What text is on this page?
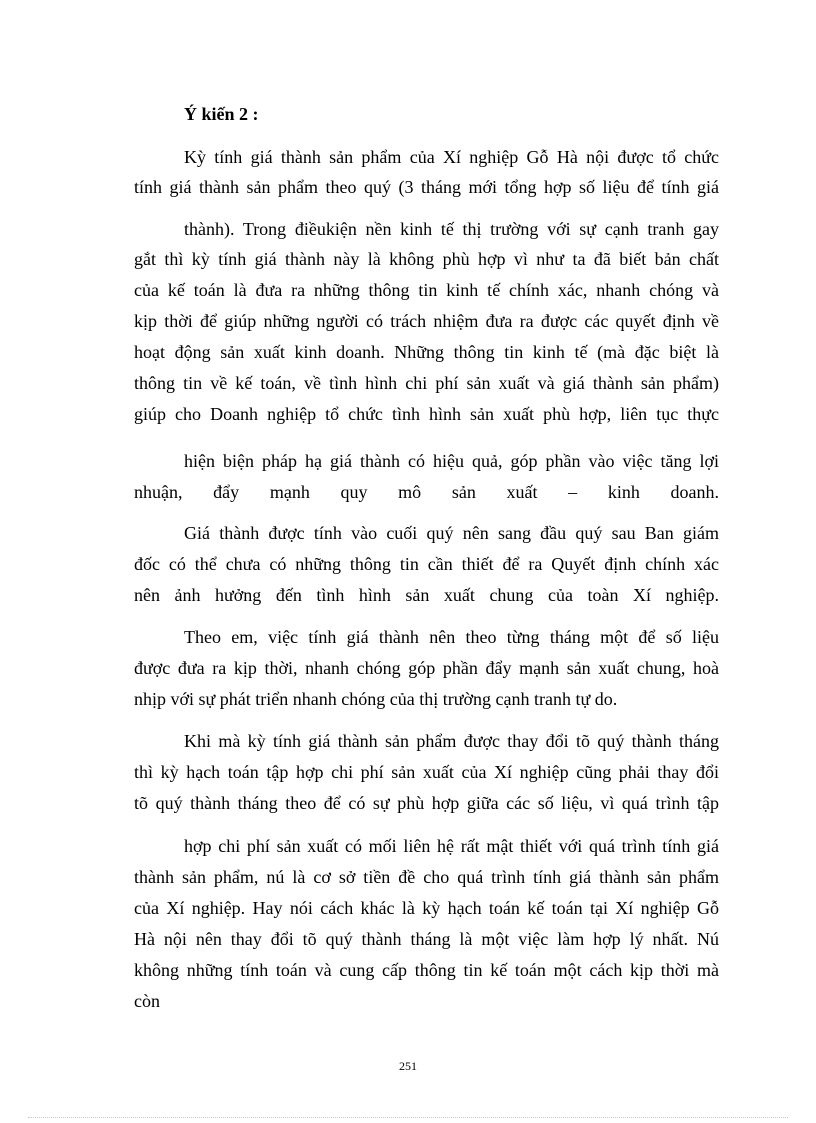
Ý kiến 2 :
Kỳ tính giá thành sản phẩm của Xí nghiệp Gỗ Hà nội được tổ chức
tính giá thành sản phẩm theo quý (3 tháng mới tổng hợp số liệu để tính giá
thành). Trong điềukiện nền kinh tế thị trường với sự cạnh tranh gay
gắt thì kỳ tính giá thành này là không phù hợp vì như ta đã biết bản chất
của kế toán là đưa ra những thông tin kinh tế chính xác, nhanh chóng và
kịp thời để giúp những người có trách nhiệm đưa ra được các quyết định về
hoạt động sản xuất kinh doanh. Những thông tin kinh tế (mà đặc biệt là
thông tin về kế toán, về tình hình chi phí sản xuất và giá thành sản phẩm)
giúp cho Doanh nghiệp tổ chức tình hình sản xuất phù hợp, liên tục thực
hiện biện pháp hạ giá thành có hiệu quả, góp phần vào việc tăng lợi
nhuận, đẩy mạnh quy mô sản xuất – kinh doanh.
Giá thành được tính vào cuối quý nên sang đầu quý sau Ban giám
đốc có thể chưa có những thông tin cần thiết để ra Quyết định chính xác
nên ảnh hưởng đến tình hình sản xuất chung của toàn Xí nghiệp.
Theo em, việc tính giá thành nên theo từng tháng một để số liệu
được đưa ra kịp thời, nhanh chóng góp phần đẩy mạnh sản xuất chung, hoà
nhịp với sự phát triển nhanh chóng của thị trường cạnh tranh tự do.
Khi mà kỳ tính giá thành sản phẩm được thay đổi tõ quý thành tháng
thì kỳ hạch toán tập hợp chi phí sản xuất của Xí nghiệp cũng phải thay đổi
tõ quý thành tháng theo để có sự phù hợp giữa các số liệu, vì quá trình tập
hợp chi phí sản xuất có mối liên hệ rất mật thiết với quá trình tính giá
thành sản phẩm, nú là cơ sở tiền đề cho quá trình tính giá thành sản phẩm
của Xí nghiệp. Hay nói cách khác là kỳ hạch toán kế toán tại Xí nghiệp Gỗ
Hà nội nên thay đổi tõ quý thành tháng là một việc làm hợp lý nhất. Nú
không những tính toán và cung cấp thông tin kế toán một cách kịp thời mà
còn
251
